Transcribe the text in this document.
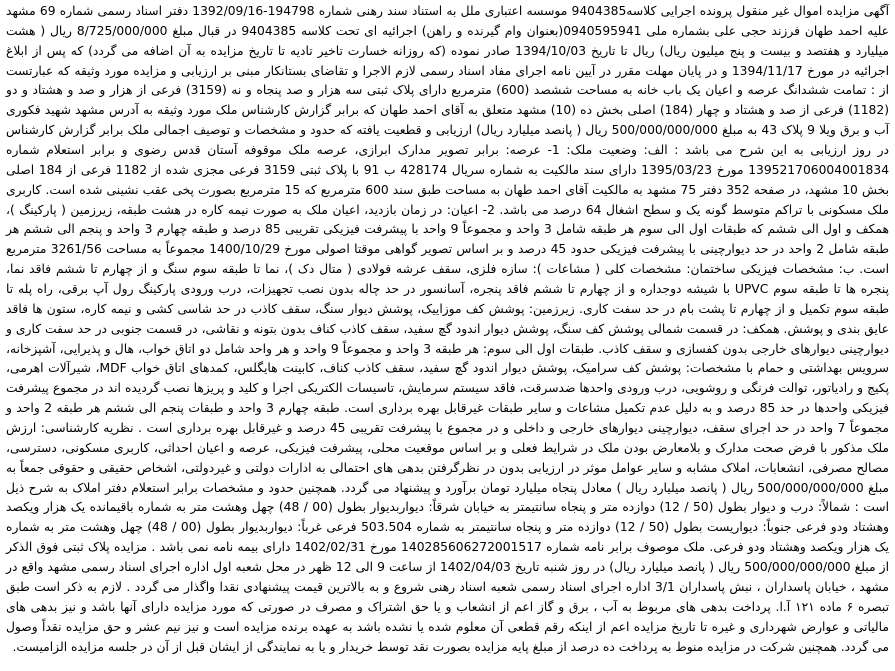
آگهی مزایده اموال غیر منقول پرونده اجرایی کلاسه9404385 موسسه اعتباری ملل به استناد سند رهنی شماره 194798-1392/09/16 دفتر اسناد رسمی شماره 69 مشهد علیه احمد طهان فرزند حجی علی بشماره ملی 0940595941(بعنوان وام گیرنده و راهن) اجرائیه ای تحت کلاسه 9404385 در قبال مبلغ 8/725/000/000 ریال ( هشت میلیارد و هفتصد و بیست و پنج میلیون ریال) ریال تا تاریخ 1394/10/03 صادر نموده (که روزانه خسارت تاخیر تادیه تا تاریخ مزایده به آن اضافه می گردد) که پس از ابلاغ اجرائیه در مورخ 1394/11/17 و در پایان مهلت مقرر در آیین نامه اجرای مفاد اسناد رسمی لازم الاجرا و تقاضای بستانکار مبنی بر ارزیابی و مزایده مورد وثیقه که عبارتست از : تمامت ششدانگ عرصه و اعیان یک باب خانه به مساحت ششصد (600) مترمربع دارای پلاک ثبتی سه هزار و صد پنجاه و نه (3159) فرعی از هزار و صد و هشتاد و دو (1182) فرعی از صد و هشتاد و چهار (184) اصلی بخش ده (10) مشهد متعلق به آقای احمد طهان که برابر گزارش کارشناس ملک مورد وثیقه به آدرس مشهد شهید فکوری آب و برق ویلا 9 پلاک 43 به مبلغ 500/000/000/000 ریال ( پانصد میلیارد ریال) ارزیابی و قطعیت یافته که حدود و مشخصات و توصیف اجمالی ملک برابر گزارش کارشناس در روز ارزیابی به این شرح می باشد : الف: وضعیت ملک: 1- عرصه: برابر تصویر مدارک ابرازی، عرصه ملک موقوفه آستان قدس رضوی و برابر استعلام شماره 139521706004001834 مورخ 1395/03/23 دارای سند مالکیت به شماره سریال 428174 ب 91 با پلاک ثبتی 3159 فرعی مجزی شده از 1182 فرعی از 184 اصلی بخش 10 مشهد، در صفحه 352 دفتر 75 مشهد به مالکیت آقای احمد طهان به مساحت طبق سند 600 مترمربع که 15 مترمربع بصورت پخی عقب نشینی شده است. کاربری ملک مسکونی با تراکم متوسط گونه یک و سطح اشغال 64 درصد می باشد. 2- اعیان: در زمان بازدید، اعیان ملک به صورت نیمه کاره در هشت طبقه، زیرزمین ( پارکینگ )، همکف و اول الی ششم که طبقات اول الی سوم هر طبقه شامل 3 واحد و مجموعاً 9 واحد با پیشرفت فیزیکی تقریبی 85 درصد و طبقه چهارم 3 واحد و پنجم الی ششم هر طبقه شامل 2 واحد در حد دیوارچینی با پیشرفت فیزیکی حدود 45 درصد و بر اساس تصویر گواهی موقتا اصولی مورخ 1400/10/29 مجموعاً به مساحت 3261/56 مترمربع است. ب: مشخصات فیزیکی ساختمان: مشخصات کلی ( مشاعات ): سازه فلزی، سقف عرشه فولادی ( متال دک )، نما تا طبقه سوم سنگ و از چهارم تا ششم فاقد نما، پنجره ها تا طبقه سوم UPVC با شیشه دوجداره و از چهارم تا ششم فاقد پنجره، آسانسور در حد چاله بدون نصب تجهیزات، درب ورودی پارکینگ رول آپ برقی، راه پله تا طبقه سوم تکمیل و از چهارم تا پشت بام در حد سفت کاری. زیرزمین: پوشش کف موزاییک، پوشش دیوار سنگ، سقف کاذب در حد شاسی کشی و نیمه کاره، ستون ها فاقد عایق بندی و پوشش. همکف: در قسمت شمالی پوشش کف سنگ، پوشش دیوار اندود گچ سفید، سقف کاذب کناف بدون بتونه و نقاشی، در قسمت جنوبی در حد سفت کاری و دیوارچینی دیوارهای خارجی بدون کفسازی و سقف کاذب. طبقات اول الی سوم: هر طبقه 3 واحد و مجموعاً 9 واحد و هر واحد شامل دو اتاق خواب، هال و پذیرایی، آشپزخانه، سرویس بهداشتی و حمام با مشخصات: پوشش کف سرامیک، پوشش دیوار اندود گچ سفید، سقف کاذب کناف، کابینت هایگلس، کمدهای اتاق خواب MDF، شیرآلات اهرمی، پکیج و رادیاتور، توالت فرنگی و روشویی، درب ورودی واحدها ضدسرقت، فاقد سیستم سرمایش، تاسیسات الکتریکی اجرا و کلید و پریزها نصب گردیده اند در مجموع پیشرفت فیزیکی واحدها در حد 85 درصد و به دلیل عدم تکمیل مشاعات و سایر طبقات غیرقابل بهره برداری است. طبقه چهارم 3 واحد و طبقات پنجم الی ششم هر طبقه 2 واحد و مجموعاً 7 واحد در حد اجرای سقف، دیوارچینی دیوارهای خارجی و داخلی و در مجموع با پیشرفت تقریبی 45 درصد و غیرقابل بهره برداری است . نظریه کارشناسی: ارزش ملک مذکور با فرض صحت مدارک و بلامعارض بودن ملک در شرایط فعلی و بر اساس موقعیت محلی، پیشرفت فیزیکی، عرصه و اعیان احداثی، کاربری مسکونی، دسترسی، مصالح مصرفی، انشعابات، املاک مشابه و سایر عوامل موثر در ارزیابی بدون در نظرگرفتن بدهی های احتمالی به ادارات دولتی و غیردولتی، اشخاص حقیقی و حقوقی جمعاً به مبلغ 500/000/000/000 ریال ( پانصد میلیارد ریال ) معادل پنجاه میلیارد تومان برآورد و پیشنهاد می گردد. همچنین حدود و مشخصات برابر استعلام دفتر املاک به شرح ذیل است : شمالاً: درب و دیوار بطول (50 / 12) دوازده متر و پنجاه سانتیمتر به خیابان شرقاً: دیواربدیوار بطول (00 / 48) چهل وهشت متر به شماره باقیمانده یک هزار ویکصد وهشتاد ودو فرعی جنوباً: دیواریست بطول (50 / 12) دوازده متر و پنجاه سانتیمتر به شماره 503.504 فرعی غرباً: دیواربدیوار بطول (00 / 48) چهل وهشت متر به شماره یک هزار ویکصد وهشتاد ودو فرعی. ملک موصوف برابر نامه شماره 140285606272001517 مورخ 1402/02/31 دارای بیمه نامه نمی باشد . مزایده پلاک ثبتی فوق الذکر از مبلغ 500/000/000/000 ریال ( پانصد میلیارد ریال) در روز شنبه تاریخ 1402/04/03 از ساعت 9 الی 12 ظهر در محل شعبه اول اداره اجرای اسناد رسمی مشهد واقع در مشهد ، خیابان پاسداران ، نبش پاسداران 3/1 اداره اجرای اسناد رسمی شعبه اسناد رهنی شروع و به بالاترین قیمت پیشنهادی نقدا واگذار می گردد . لازم به ذکر است طبق تبصره ۶ ماده ۱۲۱ آ.ا. پرداخت بدهی های مربوط به آب ، برق و گاز اعم از انشعاب و یا حق اشتراک و مصرف در صورتی که مورد مزایده دارای آنها باشد و نیز بدهی های مالیاتی و عوارض شهرداری و غیره تا تاریخ مزایده اعم از اینکه رقم قطعی آن معلوم شده یا نشده باشد به عهده برنده مزایده است و نیز نیم عشر و حق مزایده نقداً وصول می گردد. همچنین شرکت در مزایده منوط به پرداخت ده درصد از مبلغ پایه مزایده بصورت نقد توسط خریدار و یا به نمایندگی از ایشان قبل از آن در جلسه مزایده الزامیست.
